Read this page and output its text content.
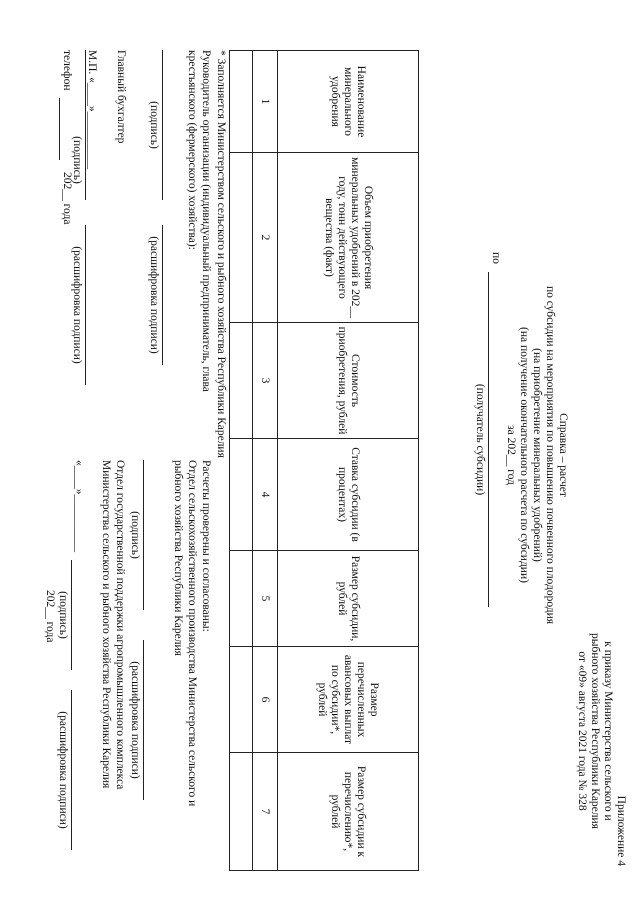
Приложение 4
к приказу Министерства сельского и
рыбного хозяйства Республики Карелия
от «09» августа 2021 года № 328
Справка – расчет
по субсидии на мероприятия по повышению почвенного плодородия
(на приобретение минеральных удобрений)
(на получение окончательного расчета по субсидии)
за 202__ год
по
(получатель субсидии)
Наименование минерального удобрения	Объем приобретения минеральных удобрений в 202__ году, тонн действующего вещества (факт)	Стоимость приобретения, рублей	Ставка субсидии (в процентах)	Размер субсидии, рублей	Размер перечисленных авансовых выплат по субсидии*, рублей	Размер субсидии к перечислению*, рублей
1	2	3	4	5	6	7

* Заполняется Министерством сельского и рыбного хозяйства Республики Карелия
Руководитель организации (индивидуальный предприниматель, глава
крестьянского (фермерского) хозяйства):
(подпись)
(расшифровка подписи)
Главный бухгалтер
М.П. «____»__________
(подпись)
(расшифровка подписи)
202__ года
телефон
Расчеты проверены и согласованы:
Отдел сельскохозяйственного производства Министерства сельского и
рыбного хозяйства Республики Карелия
(подпись)
(расшифровка подписи)
Отдел государственной поддержки агропромышленного комплекса
Министерства сельского и рыбного хозяйства Республики Карелия
«____»__________
(подпись)
(расшифровка подписи)
202__ года
